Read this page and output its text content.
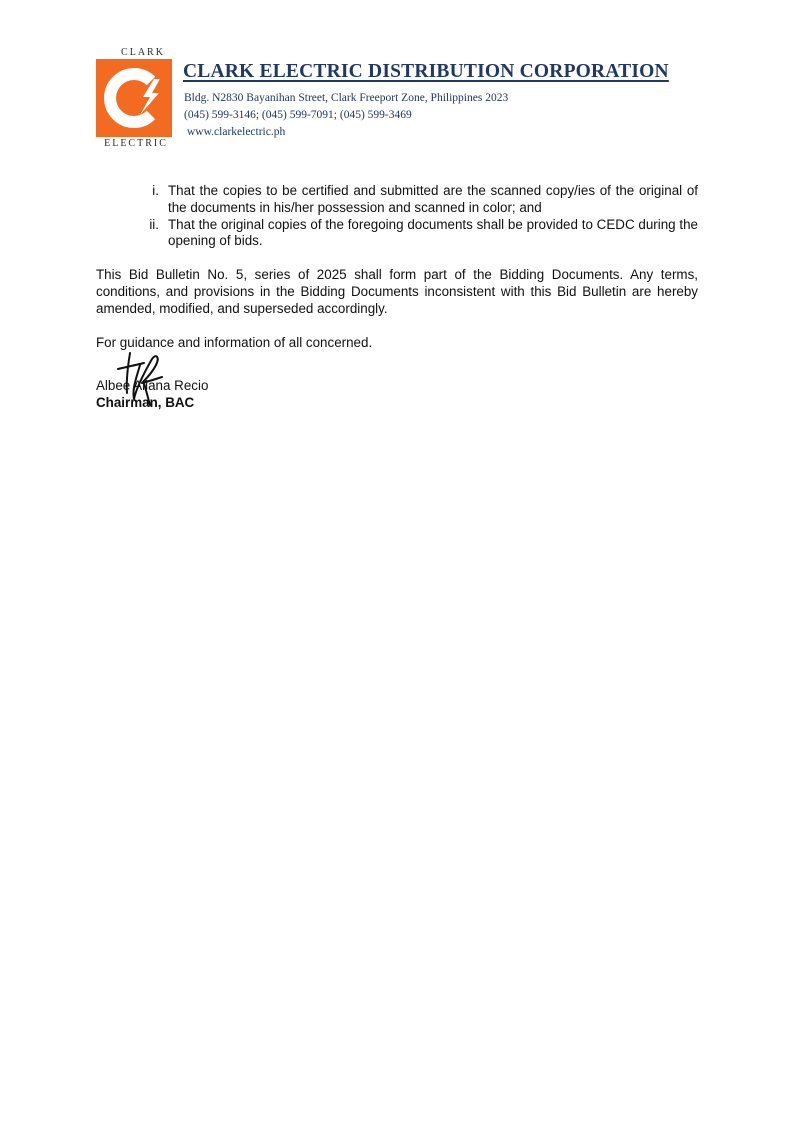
CLARK
ELECTRIC
CLARK ELECTRIC DISTRIBUTION CORPORATION
Bldg. N2830 Bayanihan Street, Clark Freeport Zone, Philippines 2023
(045) 599-3146; (045) 599-7091; (045) 599-3469
www.clarkelectric.ph
i. That the copies to be certified and submitted are the scanned copy/ies of the original of the documents in his/her possession and scanned in color; and
ii. That the original copies of the foregoing documents shall be provided to CEDC during the opening of bids.

This Bid Bulletin No. 5, series of 2025 shall form part of the Bidding Documents. Any terms, conditions, and provisions in the Bidding Documents inconsistent with this Bid Bulletin are hereby amended, modified, and superseded accordingly.

For guidance and information of all concerned.

Albee Allana Recio
Chairman, BAC
